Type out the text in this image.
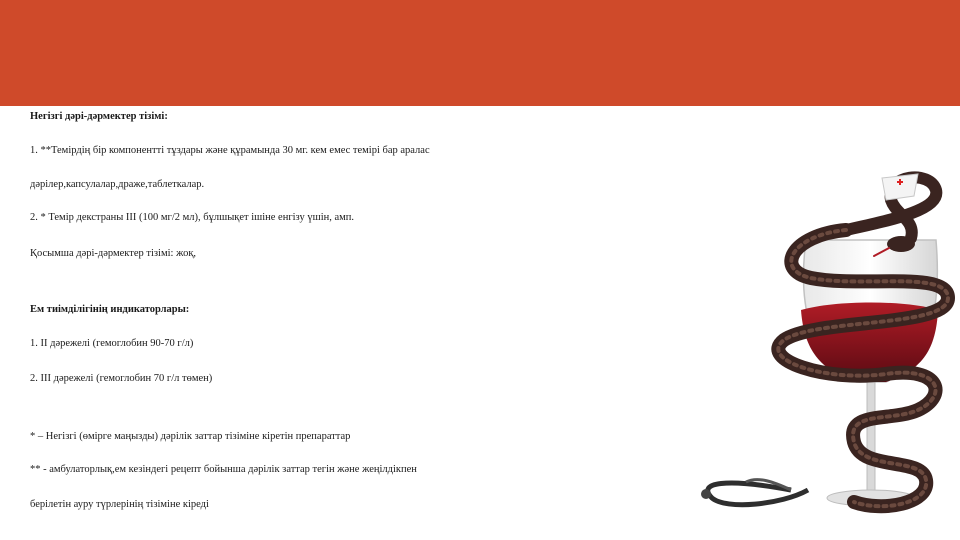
Негізгі дәрі-дәрмектер тізімі:
1. **Темірдің бір компонентті тұздары және құрамында 30 мг. кем емес темірі бар аралас
дәрілер,капсулалар,драже,таблеткалар.
2. * Темір декстраны III (100 мг/2 мл), бұлшықет ішіне енгізу үшін, амп.
Қосымша дәрі-дәрмектер тізімі: жоқ,
Ем тиімділігінің индикаторлары:
1. II дәрежелі (гемоглобин 90-70 г/л)
2. III дәрежелі (гемоглобин 70 г/л төмен)
* – Негізгі (өмірге маңызды) дәрілік заттар тізіміне кіретін препараттар
** - амбулаторлық,ем кезіндегі рецепт бойынша дәрілік заттар тегін және жеңілдікпен
берілетін ауру түрлерінің тізіміне кіреді
